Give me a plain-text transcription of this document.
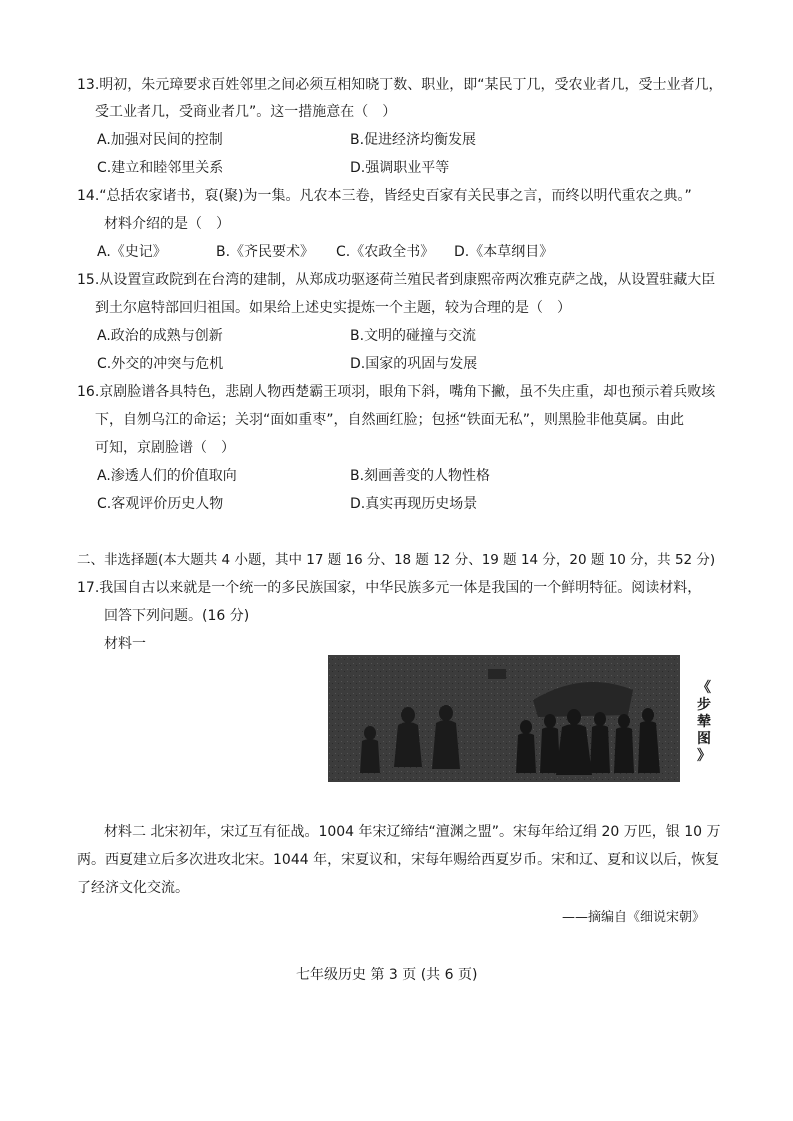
13.明初，朱元璋要求百姓邻里之间必须互相知晓丁数、职业，即“某民丁几，受农业者几，受士业者几，
受工业者几，受商业者几”。这一措施意在（　）
A.加强对民间的控制	B.促进经济均衡发展
C.建立和睦邻里关系	D.强调职业平等
14.“总括农家诸书，裒(聚)为一集。凡农本三卷，皆经史百家有关民事之言，而终以明代重农之典。”
材料介绍的是（　）
A.《史记》	B.《齐民要术》 C.《农政全书》 D.《本草纲目》
15.从设置宣政院到在台湾的建制，从郑成功驱逐荷兰殖民者到康熙帝两次雅克萨之战，从设置驻藏大臣
到土尔扈特部回归祖国。如果给上述史实提炼一个主题，较为合理的是（　）
A.政治的成熟与创新	B.文明的碰撞与交流
C.外交的冲突与危机	D.国家的巩固与发展
16.京剧脸谱各具特色，悲剧人物西楚霸王项羽，眼角下斜，嘴角下撇，虽不失庄重，却也预示着兵败垓
下，自刎乌江的命运；关羽“面如重枣”，自然画红脸；包拯“铁面无私”，则黑脸非他莫属。由此
可知，京剧脸谱（　）
A.渗透人们的价值取向	B.刻画善变的人物性格
C.客观评价历史人物	D.真实再现历史场景
二、非选择题(本大题共 4 小题，其中 17 题 16 分、18 题 12 分、19 题 14 分，20 题 10 分，共 52 分)
17.我国自古以来就是一个统一的多民族国家，中华民族多元一体是我国的一个鲜明特征。阅读材料，
回答下列问题。(16 分)
材料一
《
步
辇
图
》
材料二 北宋初年，宋辽互有征战。1004 年宋辽缔结“澶渊之盟”。宋每年给辽绢 20 万匹，银 10 万
两。西夏建立后多次进攻北宋。1044 年，宋夏议和，宋每年赐给西夏岁币。宋和辽、夏和议以后，恢复
了经济文化交流。
——摘编自《细说宋朝》
七年级历史 第 3 页 (共 6 页)
